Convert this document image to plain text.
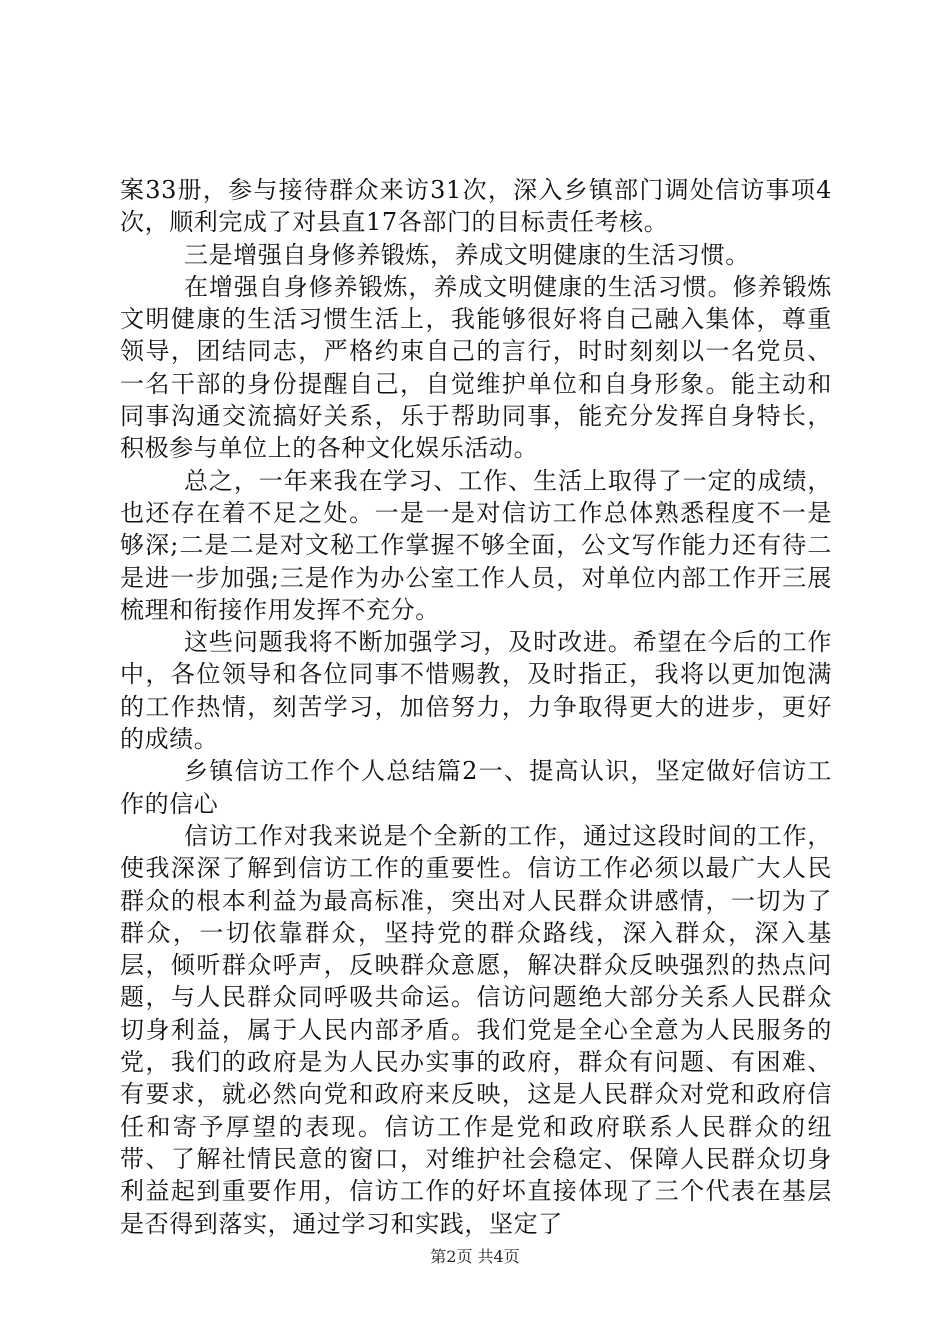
案33册，参与接待群众来访31次，深入乡镇部门调处信访事项4次，顺利完成了对县直17各部门的目标责任考核。

三是增强自身修养锻炼，养成文明健康的生活习惯。

在增强自身修养锻炼，养成文明健康的生活习惯。修养锻炼文明健康的生活习惯生活上，我能够很好将自己融入集体，尊重领导，团结同志，严格约束自己的言行，时时刻刻以一名党员、一名干部的身份提醒自己，自觉维护单位和自身形象。能主动和同事沟通交流搞好关系，乐于帮助同事，能充分发挥自身特长，积极参与单位上的各种文化娱乐活动。

总之，一年来我在学习、工作、生活上取得了一定的成绩，也还存在着不足之处。一是一是对信访工作总体熟悉程度不一是够深;二是二是对文秘工作掌握不够全面，公文写作能力还有待二是进一步加强;三是作为办公室工作人员，对单位内部工作开三展梳理和衔接作用发挥不充分。

这些问题我将不断加强学习，及时改进。希望在今后的工作中，各位领导和各位同事不惜赐教，及时指正，我将以更加饱满的工作热情，刻苦学习，加倍努力，力争取得更大的进步，更好的成绩。

乡镇信访工作个人总结篇2一、提高认识，坚定做好信访工作的信心

信访工作对我来说是个全新的工作，通过这段时间的工作，使我深深了解到信访工作的重要性。信访工作必须以最广大人民群众的根本利益为最高标准，突出对人民群众讲感情，一切为了群众，一切依靠群众，坚持党的群众路线，深入群众，深入基层，倾听群众呼声，反映群众意愿，解决群众反映强烈的热点问题，与人民群众同呼吸共命运。信访问题绝大部分关系人民群众切身利益，属于人民内部矛盾。我们党是全心全意为人民服务的党，我们的政府是为人民办实事的政府，群众有问题、有困难、有要求，就必然向党和政府来反映，这是人民群众对党和政府信任和寄予厚望的表现。信访工作是党和政府联系人民群众的纽带、了解社情民意的窗口，对维护社会稳定、保障人民群众切身利益起到重要作用，信访工作的好坏直接体现了三个代表在基层是否得到落实，通过学习和实践，坚定了

第2页 共4页
